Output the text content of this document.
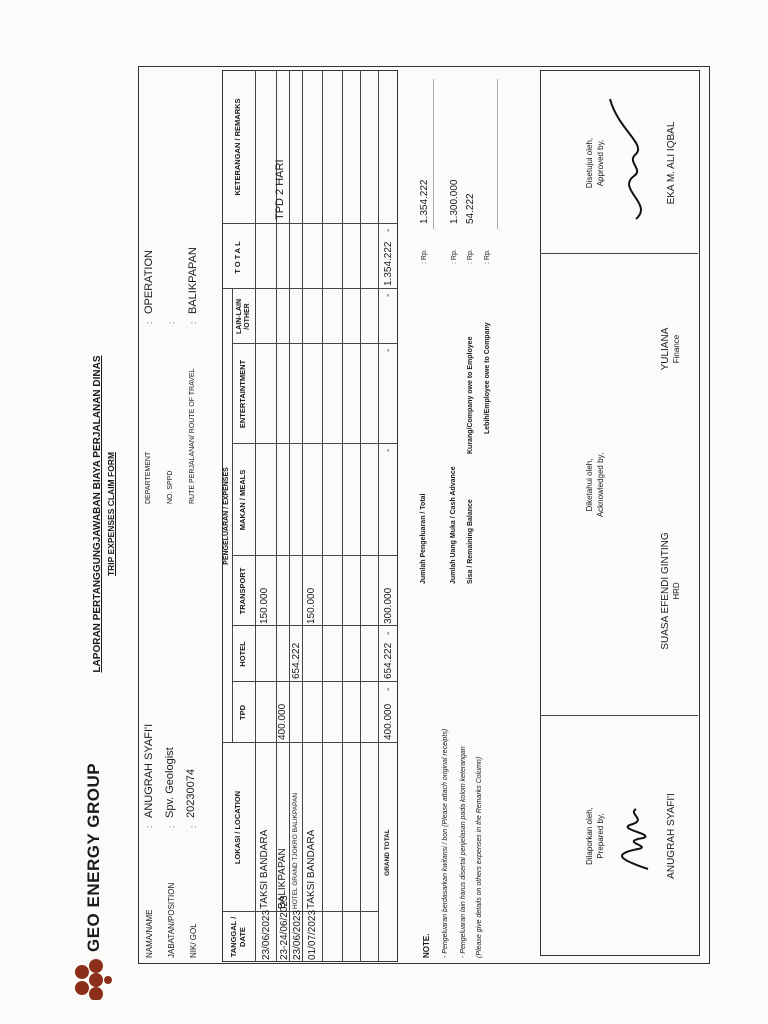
GEO ENERGY GROUP
LAPORAN PERTANGGUNGJAWABAN BIAYA PERJALANAN DINAS TRIP EXPENSES CLAIM FORM
NAMA/NAME
:
ANUGRAH SYAFI'I
JABATAN/POSITION
:
Spv. Geologist
NIK/ GOL
:
20230074
DEPARTEMENT
:
OPERATION
NO. SPPD
:
RUTE PERJALANAN/ ROUTE OF TRAVEL
:
BALIKPAPAN
TANGGAL / DATE
LOKASI / LOCATION
PENGELUARAN / EXPENSES
TPD
HOTEL
TRANSPORT
MAKAN / MEALS
ENTERTAINTMENT
LAIN-LAIN /OTHER
TOTAL
KETERANGAN / REMARKS
23/06/2023
TAKSI BANDARA
150.000
23-24/06/2023
BALIKPAPAN
400.000
TPD 2 HARI
23/06/2023
HOTEL GRAND TJOKRO BALIKPAPAN
654.222
01/07/2023
TAKSI BANDARA
150.000
GRAND TOTAL
400.000
-
654.222
-
300.000
-
-
-
1.354.222
-
NOTE. - Pengeluaran berdasarkan kwitansi / bon (Please attach original receipts) - Pengeluaran lain harus disertai penjelasan pada kolom keterangan (Please give details on others expenses in the Remarks Column)
Jumlah Pengeluaran / Total
: Rp.
1.354.222
Jumlah Uang Muka / Cash Advance
: Rp.
1.300.000
Sisa / Remaining Balance
Kurang/Company owe to Employee
: Rp.
54.222
Lebih/Employee owe to Company
: Rp.
Dilaporkan oleh, Prepared by,	ANUGRAH SYAFI'I
Diketahui oleh, Acknowledged by,
SUASA EFENDI GINTING HRD
YULIANA Finance
Disetujui oleh, Approved by,	EKA M. ALI IQBAL
